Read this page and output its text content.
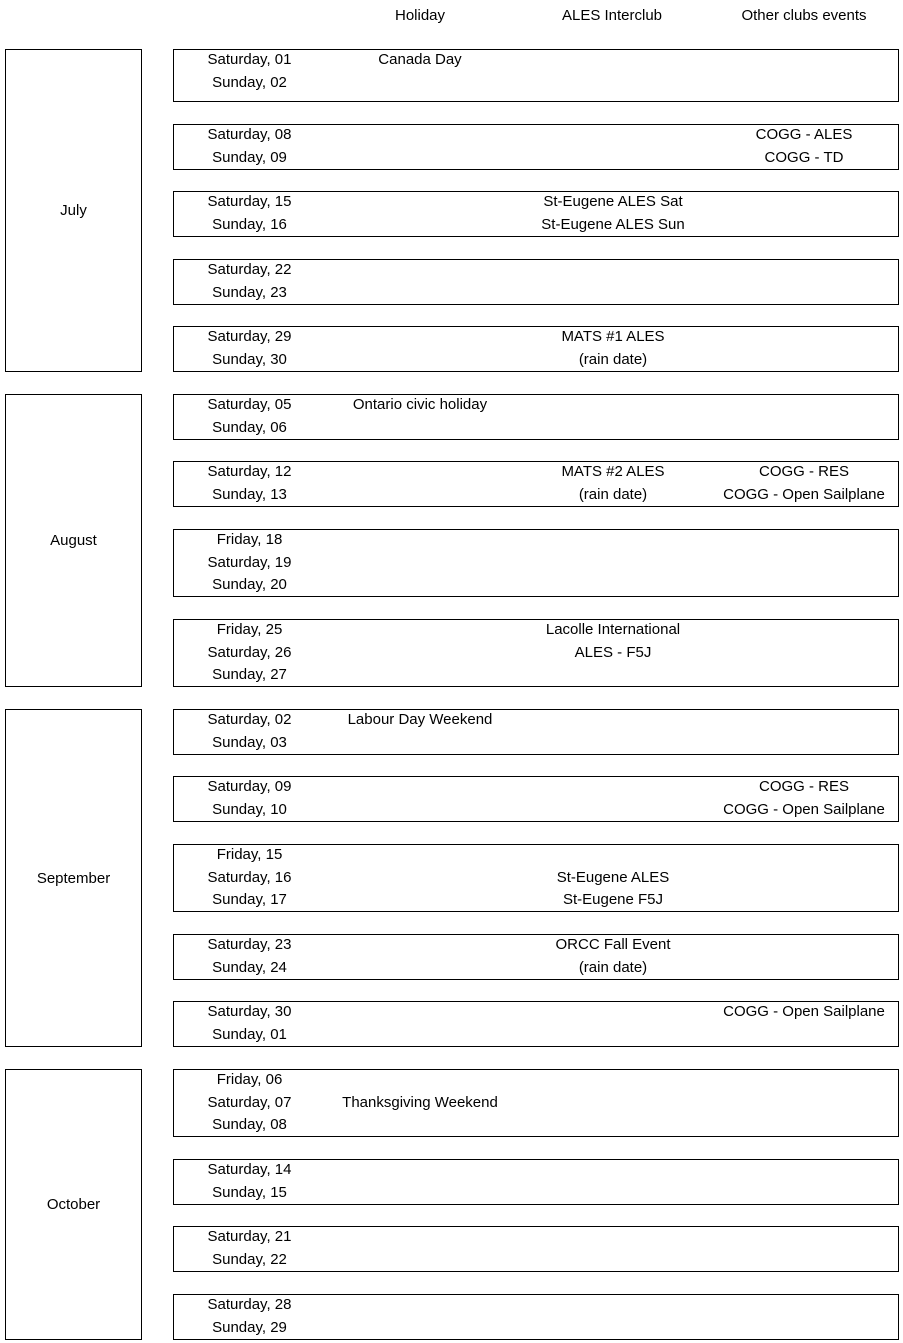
Holiday	ALES Interclub	Other clubs events
July
August
September
October
Saturday, 01
Sunday, 02
Canada Day
Saturday, 08
Sunday, 09
COGG - ALES
COGG - TD
Saturday, 15
Sunday, 16
St-Eugene ALES Sat
St-Eugene ALES Sun
Saturday, 22
Sunday, 23
Saturday, 29
Sunday, 30
MATS #1 ALES
(rain date)
Saturday, 05
Sunday, 06
Ontario civic holiday
Saturday, 12
Sunday, 13
MATS #2 ALES
(rain date)
COGG - RES
COGG - Open Sailplane
Friday, 18
Saturday, 19
Sunday, 20
Friday, 25
Saturday, 26
Sunday, 27
Lacolle International
ALES - F5J
Saturday, 02
Sunday, 03
Labour Day Weekend
Saturday, 09
Sunday, 10
COGG - RES
COGG - Open Sailplane
Friday, 15
Saturday, 16
Sunday, 17
St-Eugene ALES
St-Eugene F5J
Saturday, 23
Sunday, 24
ORCC Fall Event
(rain date)
Saturday, 30
Sunday, 01
COGG - Open Sailplane
Friday, 06
Saturday, 07
Sunday, 08
Thanksgiving Weekend
Saturday, 14
Sunday, 15
Saturday, 21
Sunday, 22
Saturday, 28
Sunday, 29
